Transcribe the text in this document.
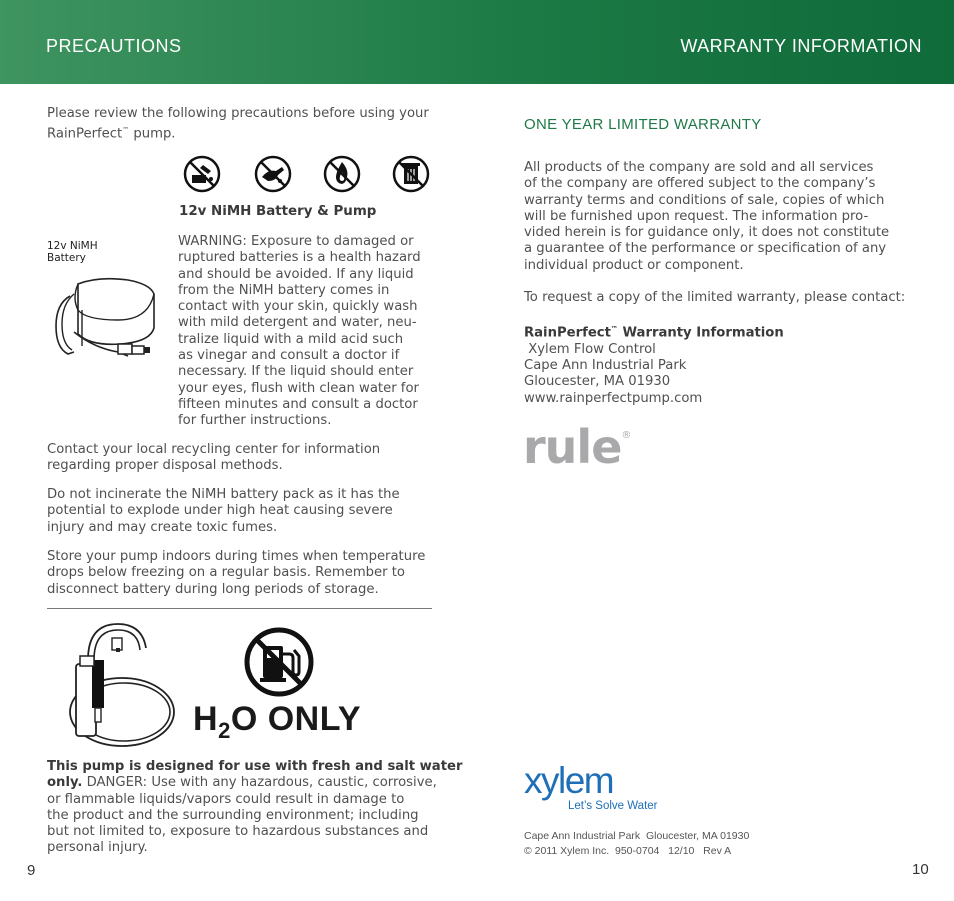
PRECAUTIONS	WARRANTY INFORMATION
Please review the following precautions before using your
RainPerfect™ pump.
12v NiMH Battery & Pump
12v NiMH
Battery
WARNING: Exposure to damaged or
ruptured batteries is a health hazard
and should be avoided. If any liquid
from the NiMH battery comes in
contact with your skin, quickly wash
with mild detergent and water, neu-
tralize liquid with a mild acid such
as vinegar and consult a doctor if
necessary. If the liquid should enter
your eyes, flush with clean water for
fifteen minutes and consult a doctor
for further instructions.
Contact your local recycling center for information
regarding proper disposal methods.
Do not incinerate the NiMH battery pack as it has the
potential to explode under high heat causing severe
injury and may create toxic fumes.
Store your pump indoors during times when temperature
drops below freezing on a regular basis. Remember to
disconnect battery during long periods of storage.
$H_2O$ ONLY
This pump is designed for use with fresh and salt water
only. DANGER: Use with any hazardous, caustic, corrosive,
or flammable liquids/vapors could result in damage to
the product and the surrounding environment; including
but not limited to, exposure to hazardous substances and
personal injury.
9
ONE YEAR LIMITED WARRANTY
All products of the company are sold and all services
of the company are offered subject to the company’s
warranty terms and conditions of sale, copies of which
will be furnished upon request. The information pro-
vided herein is for guidance only, it does not constitute
a guarantee of the performance or specification of any
individual product or component.
To request a copy of the limited warranty, please contact:
RainPerfect™ Warranty Information
Xylem Flow Control
Cape Ann Industrial Park
Gloucester, MA 01930
www.rainperfectpump.com
rule®
xylem
Let’s Solve Water
Cape Ann Industrial Park  Gloucester, MA 01930
© 2011 Xylem Inc.  950-0704   12/10   Rev A
10
